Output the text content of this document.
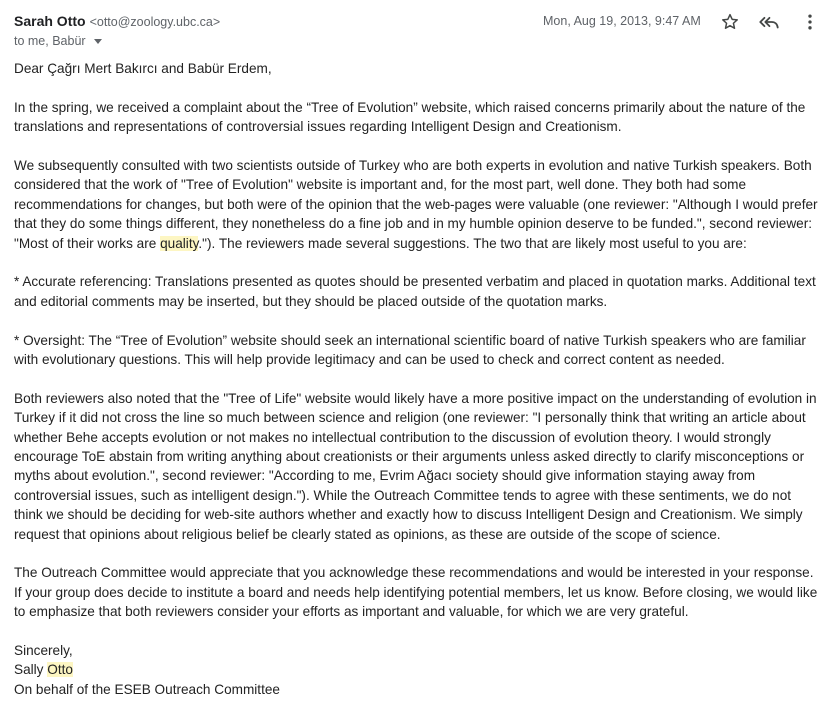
Sarah Otto <otto@zoology.ubc.ca>
to me, Babür
Mon, Aug 19, 2013, 9:47 AM

Dear Çağrı Mert Bakırcı and Babür Erdem,

In the spring, we received a complaint about the “Tree of Evolution” website, which raised concerns primarily about the nature of the translations and representations of controversial issues regarding Intelligent Design and Creationism.

We subsequently consulted with two scientists outside of Turkey who are both experts in evolution and native Turkish speakers. Both considered that the work of "Tree of Evolution" website is important and, for the most part, well done. They both had some recommendations for changes, but both were of the opinion that the web-pages were valuable (one reviewer: "Although I would prefer that they do some things different, they nonetheless do a fine job and in my humble opinion deserve to be funded.", second reviewer: "Most of their works are quality."). The reviewers made several suggestions. The two that are likely most useful to you are:

* Accurate referencing: Translations presented as quotes should be presented verbatim and placed in quotation marks. Additional text and editorial comments may be inserted, but they should be placed outside of the quotation marks.

* Oversight: The “Tree of Evolution” website should seek an international scientific board of native Turkish speakers who are familiar with evolutionary questions. This will help provide legitimacy and can be used to check and correct content as needed.

Both reviewers also noted that the "Tree of Life" website would likely have a more positive impact on the understanding of evolution in Turkey if it did not cross the line so much between science and religion (one reviewer: "I personally think that writing an article about whether Behe accepts evolution or not makes no intellectual contribution to the discussion of evolution theory. I would strongly encourage ToE abstain from writing anything about creationists or their arguments unless asked directly to clarify misconceptions or myths about evolution.", second reviewer: "According to me, Evrim Ağacı society should give information staying away from controversial issues, such as intelligent design."). While the Outreach Committee tends to agree with these sentiments, we do not think we should be deciding for web-site authors whether and exactly how to discuss Intelligent Design and Creationism. We simply request that opinions about religious belief be clearly stated as opinions, as these are outside of the scope of science.

The Outreach Committee would appreciate that you acknowledge these recommendations and would be interested in your response. If your group does decide to institute a board and needs help identifying potential members, let us know. Before closing, we would like to emphasize that both reviewers consider your efforts as important and valuable, for which we are very grateful.

Sincerely,
Sally Otto
On behalf of the ESEB Outreach Committee
